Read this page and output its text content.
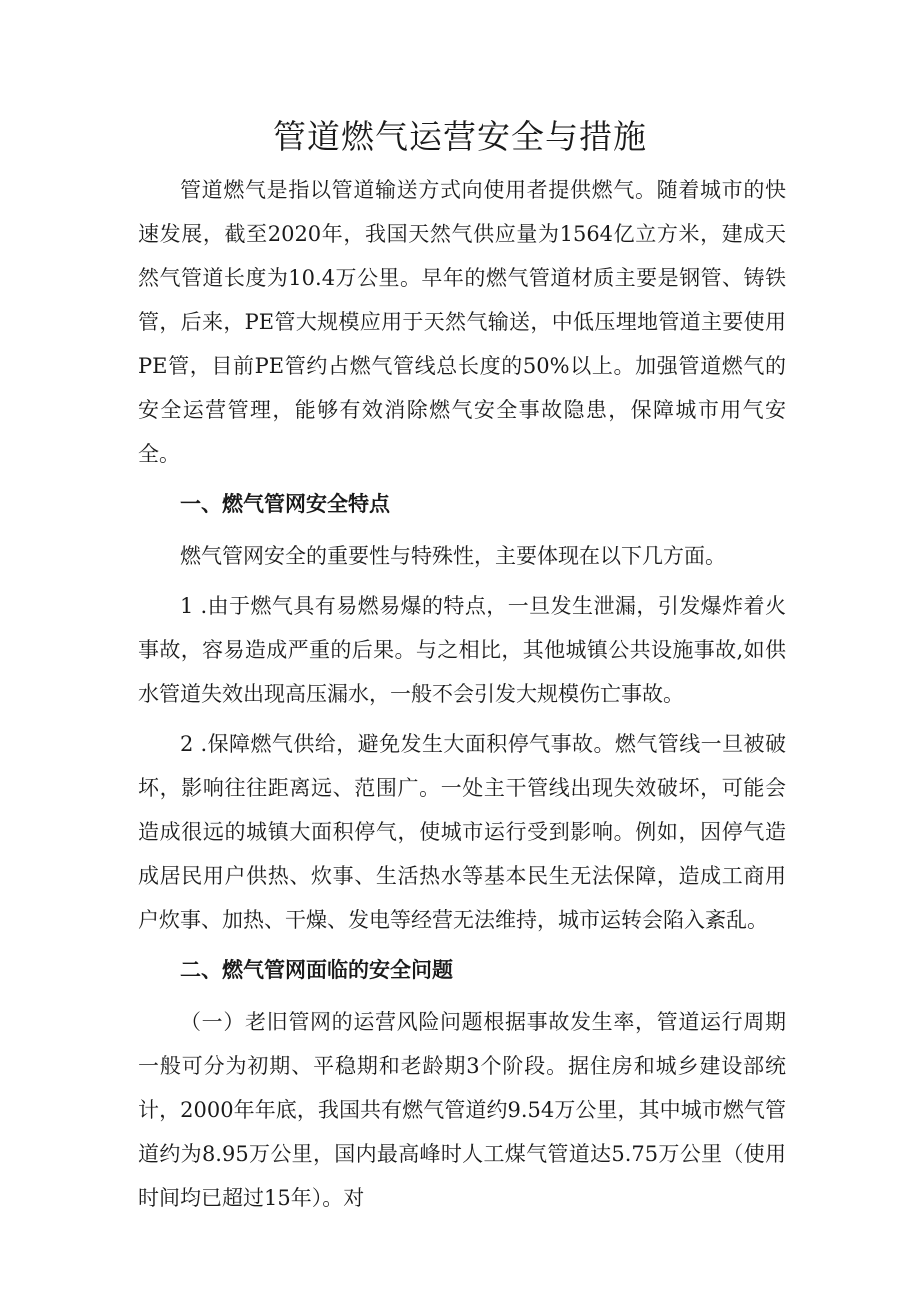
管道燃气运营安全与措施

管道燃气是指以管道输送方式向使用者提供燃气。随着城市的快速发展，截至2020年，我国天然气供应量为1564亿立方米，建成天然气管道长度为10.4万公里。早年的燃气管道材质主要是钢管、铸铁管，后来，PE管大规模应用于天然气输送，中低压埋地管道主要使用PE管，目前PE管约占燃气管线总长度的50%以上。加强管道燃气的安全运营管理，能够有效消除燃气安全事故隐患，保障城市用气安全。

一、燃气管网安全特点

燃气管网安全的重要性与特殊性，主要体现在以下几方面。

1 .由于燃气具有易燃易爆的特点，一旦发生泄漏，引发爆炸着火事故，容易造成严重的后果。与之相比，其他城镇公共设施事故,如供水管道失效出现高压漏水，一般不会引发大规模伤亡事故。

2 .保障燃气供给，避免发生大面积停气事故。燃气管线一旦被破坏，影响往往距离远、范围广。一处主干管线出现失效破坏，可能会造成很远的城镇大面积停气，使城市运行受到影响。例如，因停气造成居民用户供热、炊事、生活热水等基本民生无法保障，造成工商用户炊事、加热、干燥、发电等经营无法维持，城市运转会陷入紊乱。

二、燃气管网面临的安全问题

（一）老旧管网的运营风险问题根据事故发生率，管道运行周期一般可分为初期、平稳期和老龄期3个阶段。据住房和城乡建设部统计，2000年年底，我国共有燃气管道约9.54万公里，其中城市燃气管道约为8.95万公里，国内最高峰时人工煤气管道达5.75万公里（使用时间均已超过15年）。对
